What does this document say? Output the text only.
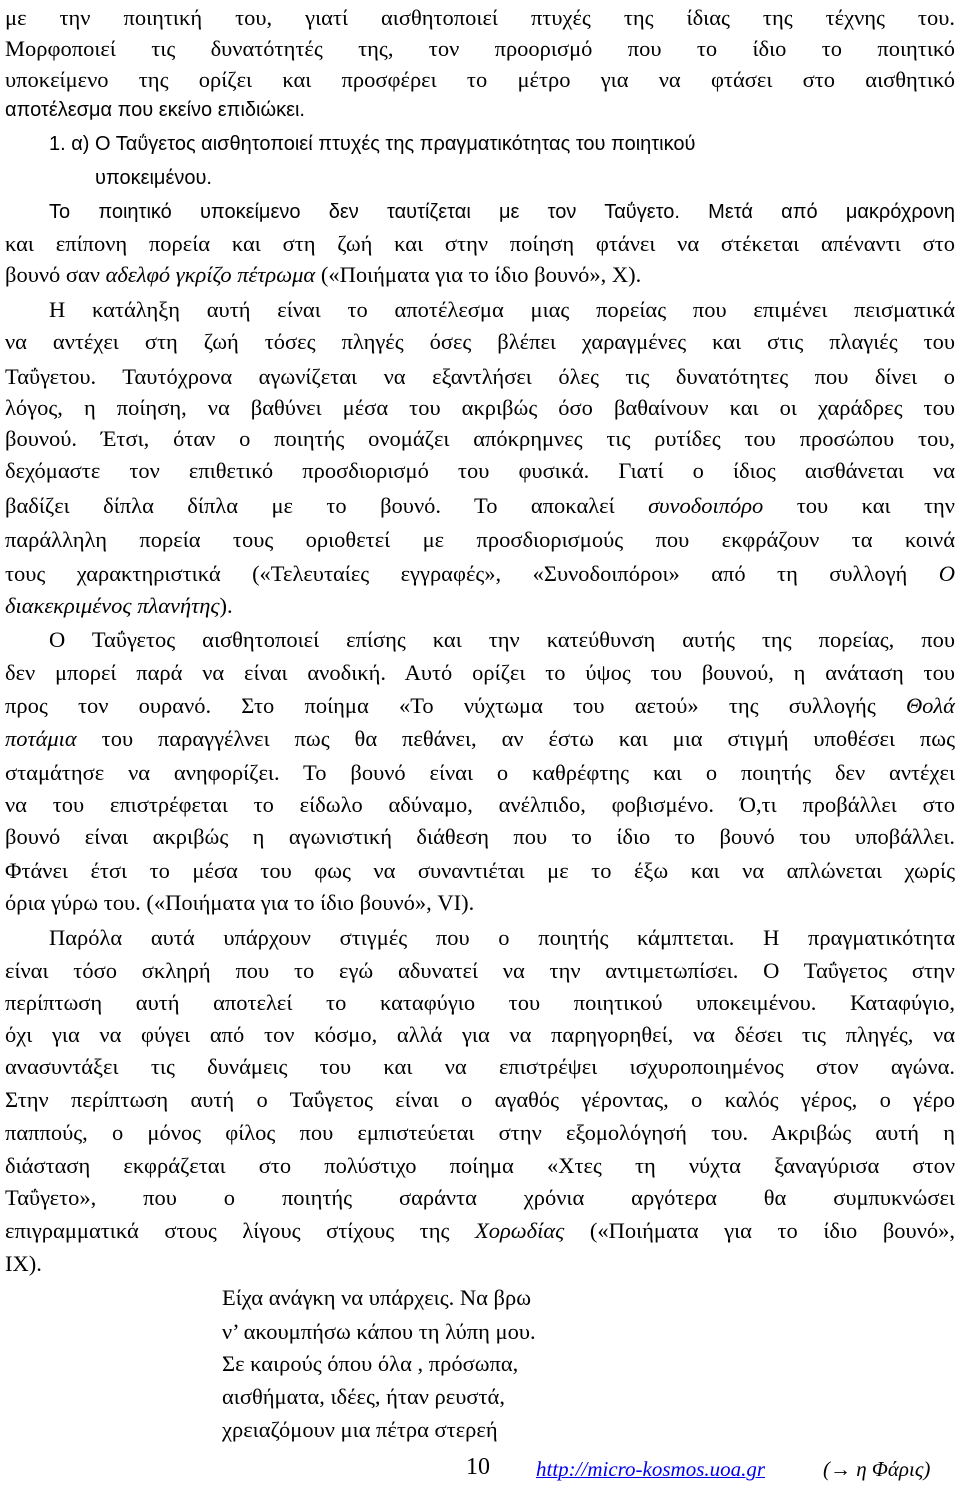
με την ποιητική του, γιατί αισθητοποιεί πτυχές της ίδιας της τέχνης του.
Μορφοποιεί τις δυνατότητές της, τον προορισμό που το ίδιο το ποιητικό
υποκείμενο της ορίζει και προσφέρει το μέτρο για να φτάσει στο αισθητικό
αποτέλεσμα που εκείνο επιδιώκει.
1. α) Ο Ταΰγετος αισθητοποιεί πτυχές της πραγματικότητας του ποιητικού
υποκειμένου.
Το ποιητικό υποκείμενο δεν ταυτίζεται με τον Ταΰγετο. Μετά από μακρόχρονη
και επίπονη πορεία και στη ζωή και στην ποίηση φτάνει να στέκεται απέναντι στο
βουνό σαν αδελφό γκρίζο πέτρωμα («Ποιήματα για το ίδιο βουνό», Χ).
Η κατάληξη αυτή είναι το αποτέλεσμα μιας πορείας που επιμένει πεισματικά
να αντέχει στη ζωή τόσες πληγές όσες βλέπει χαραγμένες και στις πλαγιές του
Ταΰγετου. Ταυτόχρονα αγωνίζεται να εξαντλήσει όλες τις δυνατότητες που δίνει ο
λόγος, η ποίηση, να βαθύνει μέσα του ακριβώς όσο βαθαίνουν και οι χαράδρες του
βουνού. Έτσι, όταν ο ποιητής ονομάζει απόκρημνες τις ρυτίδες του προσώπου του,
δεχόμαστε τον επιθετικό προσδιορισμό του φυσικά. Γιατί ο ίδιος αισθάνεται να
βαδίζει δίπλα δίπλα με το βουνό. Το αποκαλεί συνοδοιπόρο του και την
παράλληλη πορεία τους οριοθετεί με προσδιορισμούς που εκφράζουν τα κοινά
τους χαρακτηριστικά («Τελευταίες εγγραφές», «Συνοδοιπόροι» από τη συλλογή Ο
διακεκριμένος πλανήτης).
Ο Ταΰγετος αισθητοποιεί επίσης και την κατεύθυνση αυτής της πορείας, που
δεν μπορεί παρά να είναι ανοδική. Αυτό ορίζει το ύψος του βουνού, η ανάταση του
προς τον ουρανό. Στο ποίημα «Το νύχτωμα του αετού» της συλλογής Θολά
ποτάμια του παραγγέλνει πως θα πεθάνει, αν έστω και μια στιγμή υποθέσει πως
σταμάτησε να ανηφορίζει. Το βουνό είναι ο καθρέφτης και ο ποιητής δεν αντέχει
να του επιστρέφεται το είδωλο αδύναμο, ανέλπιδο, φοβισμένο. Ό,τι προβάλλει στο
βουνό είναι ακριβώς η αγωνιστική διάθεση που το ίδιο το βουνό του υποβάλλει.
Φτάνει έτσι το μέσα του φως να συναντιέται με το έξω και να απλώνεται χωρίς
όρια γύρω του. («Ποιήματα για το ίδιο βουνό», VI).
Παρόλα αυτά υπάρχουν στιγμές που ο ποιητής κάμπτεται. Η πραγματικότητα
είναι τόσο σκληρή που το εγώ αδυνατεί να την αντιμετωπίσει. Ο Ταΰγετος στην
περίπτωση αυτή αποτελεί το καταφύγιο του ποιητικού υποκειμένου. Καταφύγιο,
όχι για να φύγει από τον κόσμο, αλλά για να παρηγορηθεί, να δέσει τις πληγές, να
ανασυντάξει τις δυνάμεις του και να επιστρέψει ισχυροποιημένος στον αγώνα.
Στην περίπτωση αυτή ο Ταΰγετος είναι ο αγαθός γέροντας, ο καλός γέρος, ο γέρο
παππούς, ο μόνος φίλος που εμπιστεύεται στην εξομολόγησή του. Ακριβώς αυτή η
διάσταση εκφράζεται στο πολύστιχο ποίημα «Χτες τη νύχτα ξαναγύρισα στον
Ταΰγετο», που ο ποιητής σαράντα χρόνια αργότερα θα συμπυκνώσει
επιγραμματικά στους λίγους στίχους της Χορωδίας («Ποιήματα για το ίδιο βουνό»,
ΙΧ).
Είχα ανάγκη να υπάρχεις. Να βρω
ν’ ακουμπήσω κάπου τη λύπη μου.
Σε καιρούς όπου όλα , πρόσωπα,
αισθήματα, ιδέες, ήταν ρευστά,
χρειαζόμουν μια πέτρα στερεή
10 http://micro-kosmos.uoa.gr	(→ η Φάρις)
